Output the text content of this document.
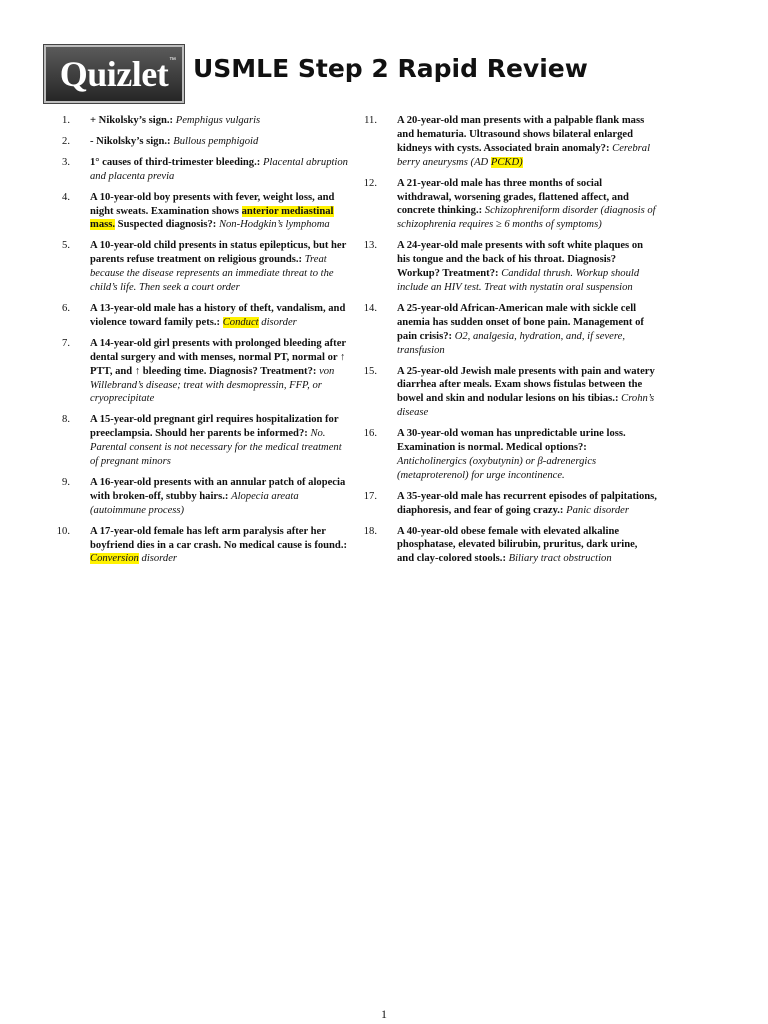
Quizlet™ USMLE Step 2 Rapid Review
1. + Nikolsky’s sign.: Pemphigus vulgaris
2. - Nikolsky’s sign.: Bullous pemphigoid
3. 1° causes of third-trimester bleeding.: Placental abruption and placenta previa
4. A 10-year-old boy presents with fever, weight loss, and night sweats. Examination shows anterior mediastinal mass. Suspected diagnosis?: Non-Hodgkin’s lymphoma
5. A 10-year-old child presents in status epilepticus, but her parents refuse treatment on religious grounds.: Treat because the disease represents an immediate threat to the child’s life. Then seek a court order
6. A 13-year-old male has a history of theft, vandalism, and violence toward family pets.: Conduct disorder
7. A 14-year-old girl presents with prolonged bleeding after dental surgery and with menses, normal PT, normal or ↑ PTT, and ↑ bleeding time. Diagnosis? Treatment?: von Willebrand’s disease; treat with desmopressin, FFP, or cryoprecipitate
8. A 15-year-old pregnant girl requires hospitalization for preeclampsia. Should her parents be informed?: No. Parental consent is not necessary for the medical treatment of pregnant minors
9. A 16-year-old presents with an annular patch of alopecia with broken-off, stubby hairs.: Alopecia areata (autoimmune process)
10. A 17-year-old female has left arm paralysis after her boyfriend dies in a car crash. No medical cause is found.: Conversion disorder
11. A 20-year-old man presents with a palpable flank mass and hematuria. Ultrasound shows bilateral enlarged kidneys with cysts. Associated brain anomaly?: Cerebral berry aneurysms (AD PCKD)
12. A 21-year-old male has three months of social withdrawal, worsening grades, flattened affect, and concrete thinking.: Schizophreniform disorder (diagnosis of schizophrenia requires ≥ 6 months of symptoms)
13. A 24-year-old male presents with soft white plaques on his tongue and the back of his throat. Diagnosis? Workup? Treatment?: Candidal thrush. Workup should include an HIV test. Treat with nystatin oral suspension
14. A 25-year-old African-American male with sickle cell anemia has sudden onset of bone pain. Management of pain crisis?: O2, analgesia, hydration, and, if severe, transfusion
15. A 25-year-old Jewish male presents with pain and watery diarrhea after meals. Exam shows fistulas between the bowel and skin and nodular lesions on his tibias.: Crohn’s disease
16. A 30-year-old woman has unpredictable urine loss. Examination is normal. Medical options?: Anticholinergics (oxybutynin) or β-adrenergics (metaproterenol) for urge incontinence.
17. A 35-year-old male has recurrent episodes of palpitations, diaphoresis, and fear of going crazy.: Panic disorder
18. A 40-year-old obese female with elevated alkaline phosphatase, elevated bilirubin, pruritus, dark urine, and clay-colored stools.: Biliary tract obstruction
1
